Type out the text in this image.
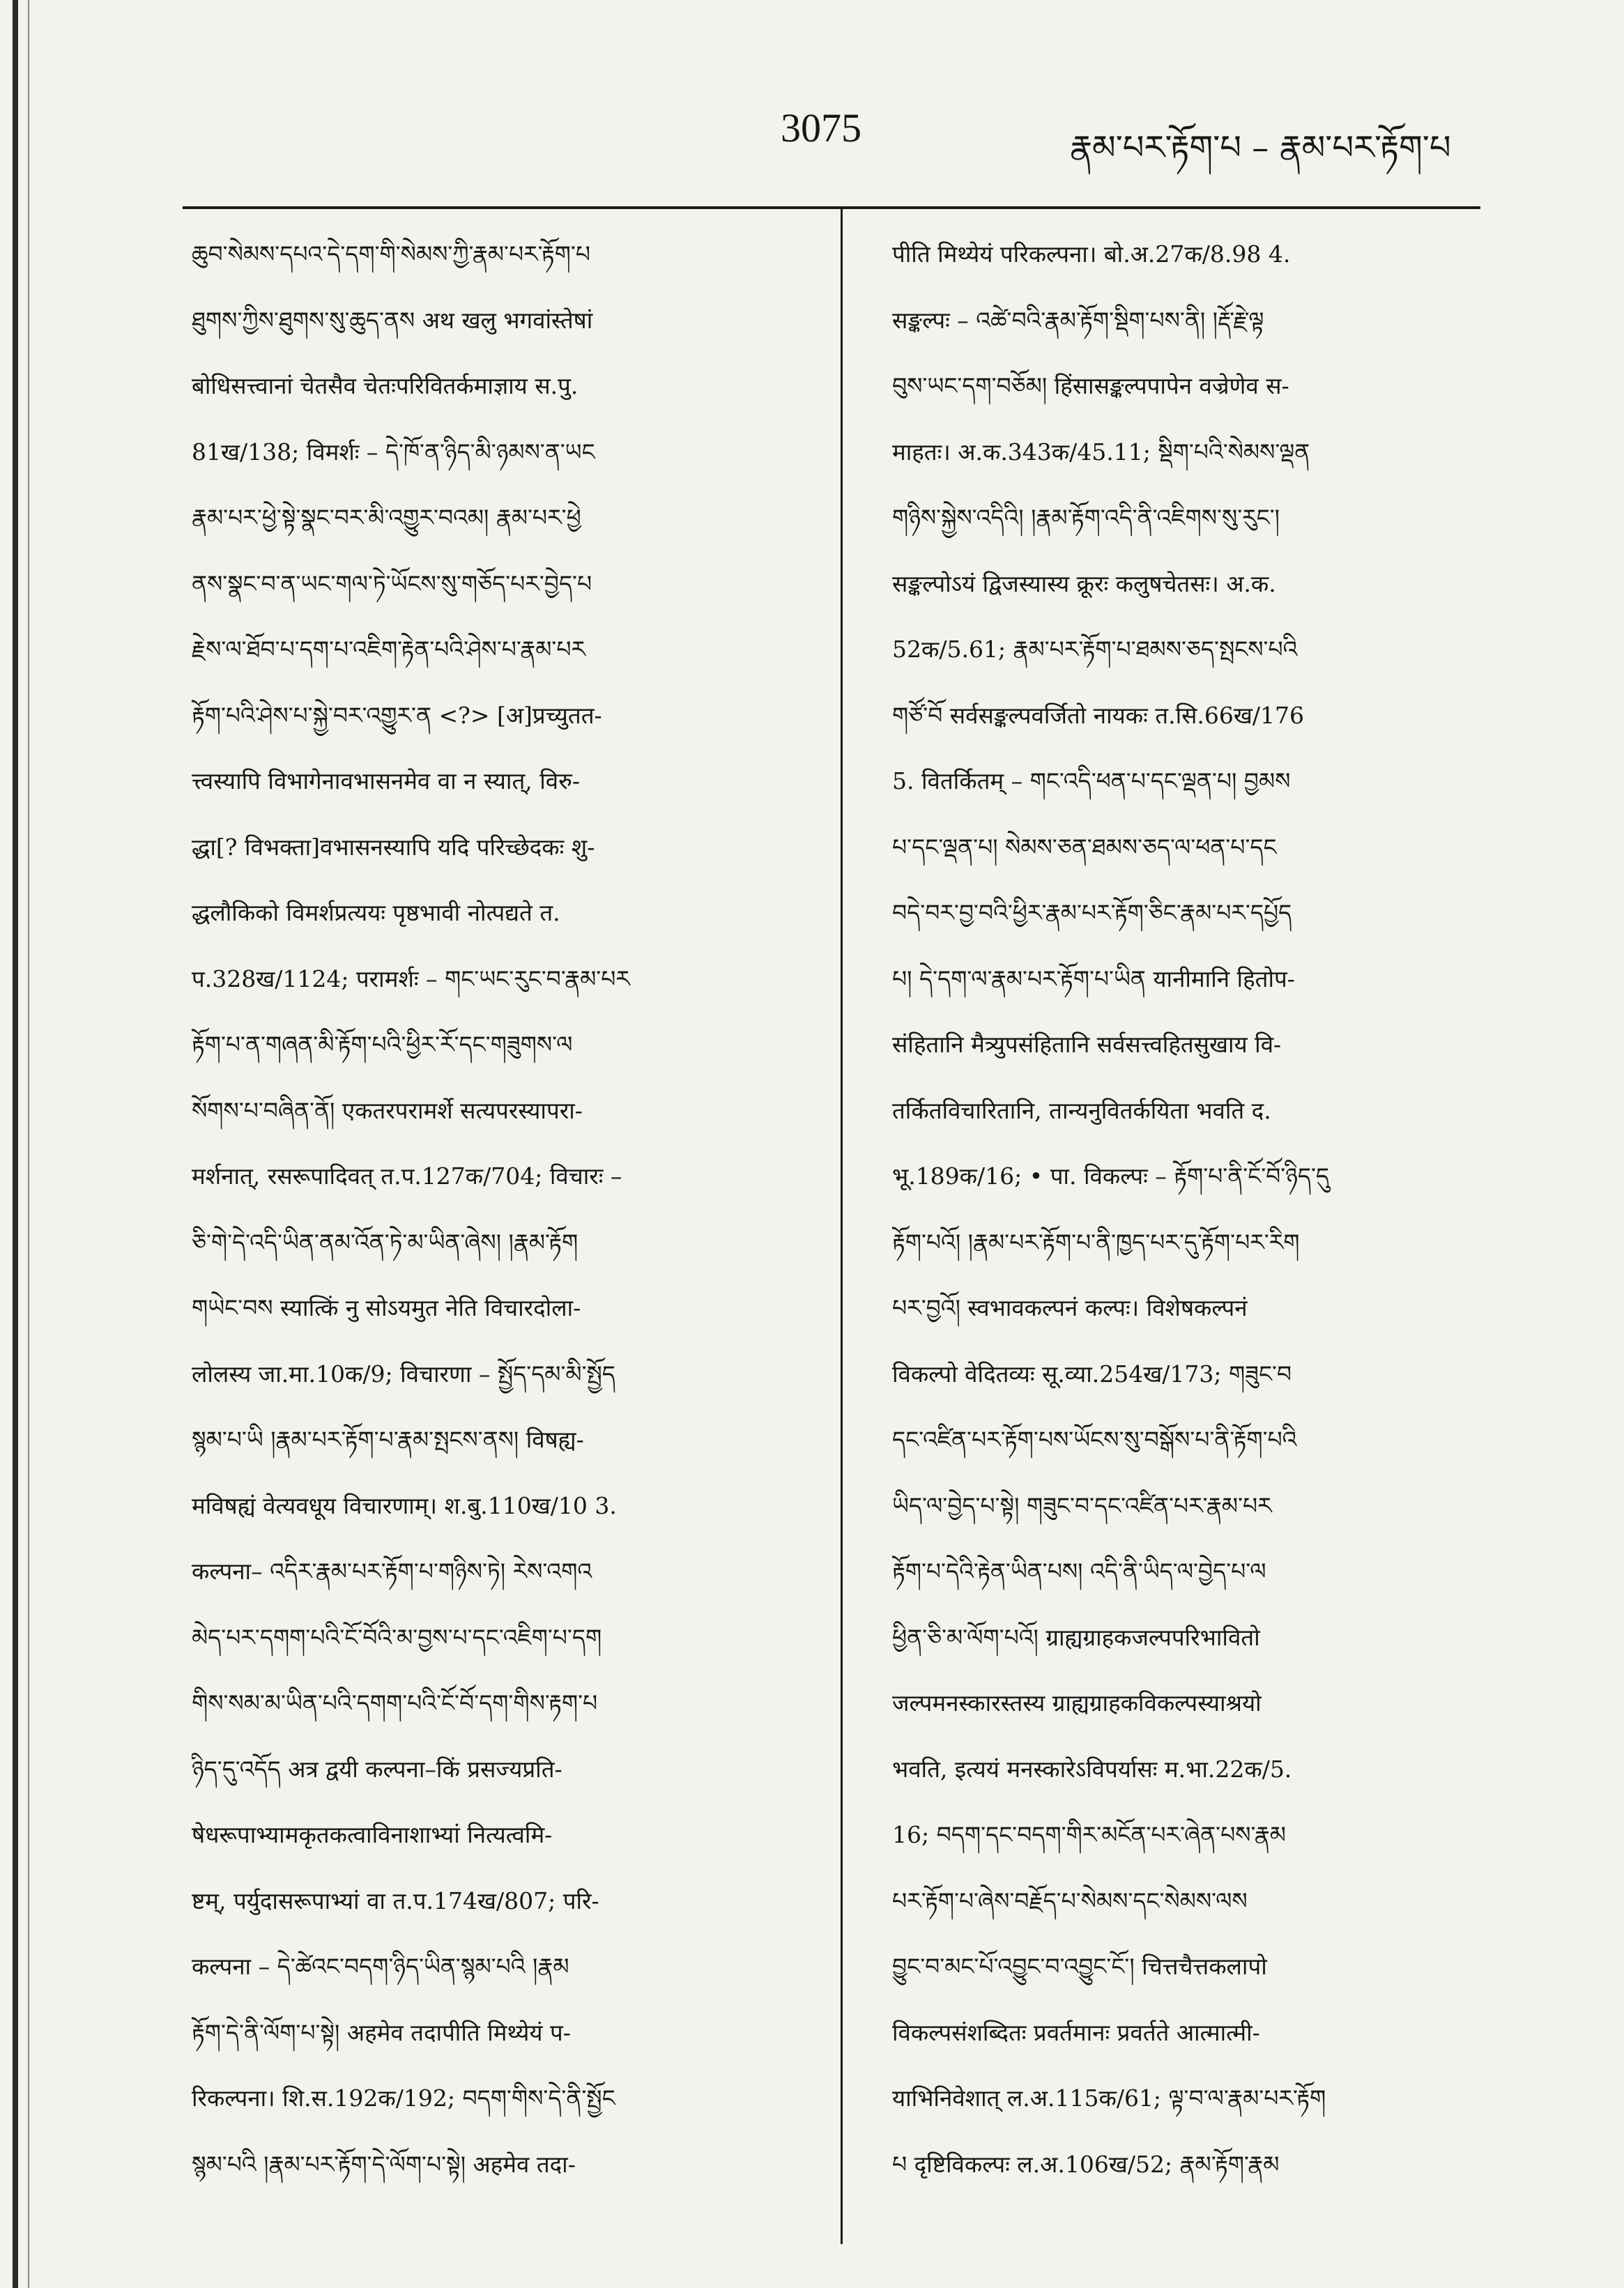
3075	རྣམ་པར་རྟོག་པ – རྣམ་པར་རྟོག་པ
ཆུབ་སེམས་དཔའ་དེ་དག་གི་སེམས་ཀྱི་རྣམ་པར་རྟོག་པ
ཐུགས་ཀྱིས་ཐུགས་སུ་ཆུད་ནས अथ खलु भगवांस्तेषां
बोधिसत्त्वानां चेतसैव चेतःपरिवितर्कमाज्ञाय स.पु.
81ख/138; विमर्शः – དེ་ཁོ་ན་ཉིད་མི་ཉམས་ན་ཡང
རྣམ་པར་ཕྱེ་སྟེ་སྣང་བར་མི་འགྱུར་བའམ། རྣམ་པར་ཕྱེ
ནས་སྣང་བ་ན་ཡང་གལ་ཏེ་ཡོངས་སུ་གཅོད་པར་བྱེད་པ
རྗེས་ལ་ཐོབ་པ་དག་པ་འཇིག་རྟེན་པའི་ཤེས་པ་རྣམ་པར
རྟོག་པའི་ཤེས་པ་སྐྱེ་བར་འགྱུར་ན <?> [अ]प्रच्युतत-
त्त्वस्यापि विभागेनावभासनमेव वा न स्यात्, विरु-
द्धा[? विभक्ता]वभासनस्यापि यदि परिच्छेदकः शु-
द्धलौकिको विमर्शप्रत्ययः पृष्ठभावी नोत्पद्यते त.
प.328ख/1124; परामर्शः – གང་ཡང་རུང་བ་རྣམ་པར
རྟོག་པ་ན་གཞན་མི་རྟོག་པའི་ཕྱིར་རོ་དང་གཟུགས་ལ
སོགས་པ་བཞིན་ནོ། एकतरपरामर्शे सत्यपरस्यापरा-
मर्शनात्, रसरूपादिवत् त.प.127क/704; विचारः –
ཅི་གེ་དེ་འདི་ཡིན་ནམ་འོན་ཏེ་མ་ཡིན་ཞེས། །རྣམ་རྟོག
གཡེང་བས स्यात्किं नु सोऽयमुत नेति विचारदोला-
लोलस्य जा.मा.10क/9; विचारणा – སྤྱོད་དམ་མི་སྤྱོད
སྙམ་པ་ཡི །རྣམ་པར་རྟོག་པ་རྣམ་སྤངས་ནས། विषह्य-
मविषह्यं वेत्यवधूय विचारणाम्। श.बु.110ख/10 3.
कल्पना– འདིར་རྣམ་པར་རྟོག་པ་གཉིས་ཏེ། རེས་འགའ
མེད་པར་དགག་པའི་ངོ་བོའི་མ་བྱས་པ་དང་འཇིག་པ་དག
གིས་སམ་མ་ཡིན་པའི་དགག་པའི་ངོ་བོ་དག་གིས་རྟག་པ
ཉིད་དུ་འདོད अत्र द्वयी कल्पना–किं प्रसज्यप्रति-
षेधरूपाभ्यामकृतकत्वाविनाशाभ्यां नित्यत्वमि-
ष्टम्, पर्युदासरूपाभ्यां वा त.प.174ख/807; परि-
कल्पना – དེ་ཚེའང་བདག་ཉིད་ཡིན་སྙམ་པའི །རྣམ
རྟོག་དེ་ནི་ལོག་པ་སྟེ། अहमेव तदापीति मिथ्येयं प-
रिकल्पना। शि.स.192क/192; བདག་གིས་དེ་ནི་སྤྱོང
སྙམ་པའི །རྣམ་པར་རྟོག་དེ་ལོག་པ་སྟེ། अहमेव तदा-
पीति मिथ्येयं परिकल्पना। बो.अ.27क/8.98 4.
सङ्कल्पः – འཚེ་བའི་རྣམ་རྟོག་སྡིག་པས་ནི། །རྡོ་རྗེ་ལྟ
བུས་ཡང་དག་བཅོམ། हिंसासङ्कल्पपापेन वज्रेणेव स-
माहतः। अ.क.343क/45.11; སྡིག་པའི་སེམས་ལྡན
གཉིས་སྐྱེས་འདིའི། །རྣམ་རྟོག་འདི་ནི་འཇིགས་སུ་རུང་།
सङ्कल्पोऽयं द्विजस्यास्य क्रूरः कलुषचेतसः। अ.क.
52क/5.61; རྣམ་པར་རྟོག་པ་ཐམས་ཅད་སྤངས་པའི
གཙོ་བོ सर्वसङ्कल्पवर्जितो नायकः त.सि.66ख/176
5. वितर्कितम् – གང་འདི་ཕན་པ་དང་ལྡན་པ། བྱམས
པ་དང་ལྡན་པ། སེམས་ཅན་ཐམས་ཅད་ལ་ཕན་པ་དང
བདེ་བར་བྱ་བའི་ཕྱིར་རྣམ་པར་རྟོག་ཅིང་རྣམ་པར་དཔྱོད
པ། དེ་དག་ལ་རྣམ་པར་རྟོག་པ་ཡིན यानीमानि हितोप-
संहितानि मैत्र्युपसंहितानि सर्वसत्त्वहितसुखाय वि-
तर्कितविचारितानि, तान्यनुवितर्कयिता भवति द.
भू.189क/16; • पा. विकल्पः – རྟོག་པ་ནི་ངོ་བོ་ཉིད་དུ
རྟོག་པའོ། །རྣམ་པར་རྟོག་པ་ནི་ཁྱད་པར་དུ་རྟོག་པར་རིག
པར་བྱའོ། स्वभावकल्पनं कल्पः। विशेषकल्पनं
विकल्पो वेदितव्यः सू.व्या.254ख/173; གཟུང་བ
དང་འཛིན་པར་རྟོག་པས་ཡོངས་སུ་བསྒོས་པ་ནི་རྟོག་པའི
ཡིད་ལ་བྱེད་པ་སྟེ། གཟུང་བ་དང་འཛིན་པར་རྣམ་པར
རྟོག་པ་དེའི་རྟེན་ཡིན་པས། འདི་ནི་ཡིད་ལ་བྱེད་པ་ལ
ཕྱིན་ཅི་མ་ལོག་པའོ། ग्राह्यग्राहकजल्पपरिभावितो
जल्पमनस्कारस्तस्य ग्राह्यग्राहकविकल्पस्याश्रयो
भवति, इत्ययं मनस्कारेऽविपर्यासः म.भा.22क/5.
16; བདག་དང་བདག་གིར་མངོན་པར་ཞེན་པས་རྣམ
པར་རྟོག་པ་ཞེས་བརྗོད་པ་སེམས་དང་སེམས་ལས
བྱུང་བ་མང་པོ་འབྱུང་བ་འབྱུང་ངོ་། चित्तचैत्तकलापो
विकल्पसंशब्दितः प्रवर्तमानः प्रवर्तते आत्मात्मी-
याभिनिवेशात् ल.अ.115क/61; ལྟ་བ་ལ་རྣམ་པར་རྟོག
པ दृष्टिविकल्पः ल.अ.106ख/52; རྣམ་རྟོག་རྣམ
